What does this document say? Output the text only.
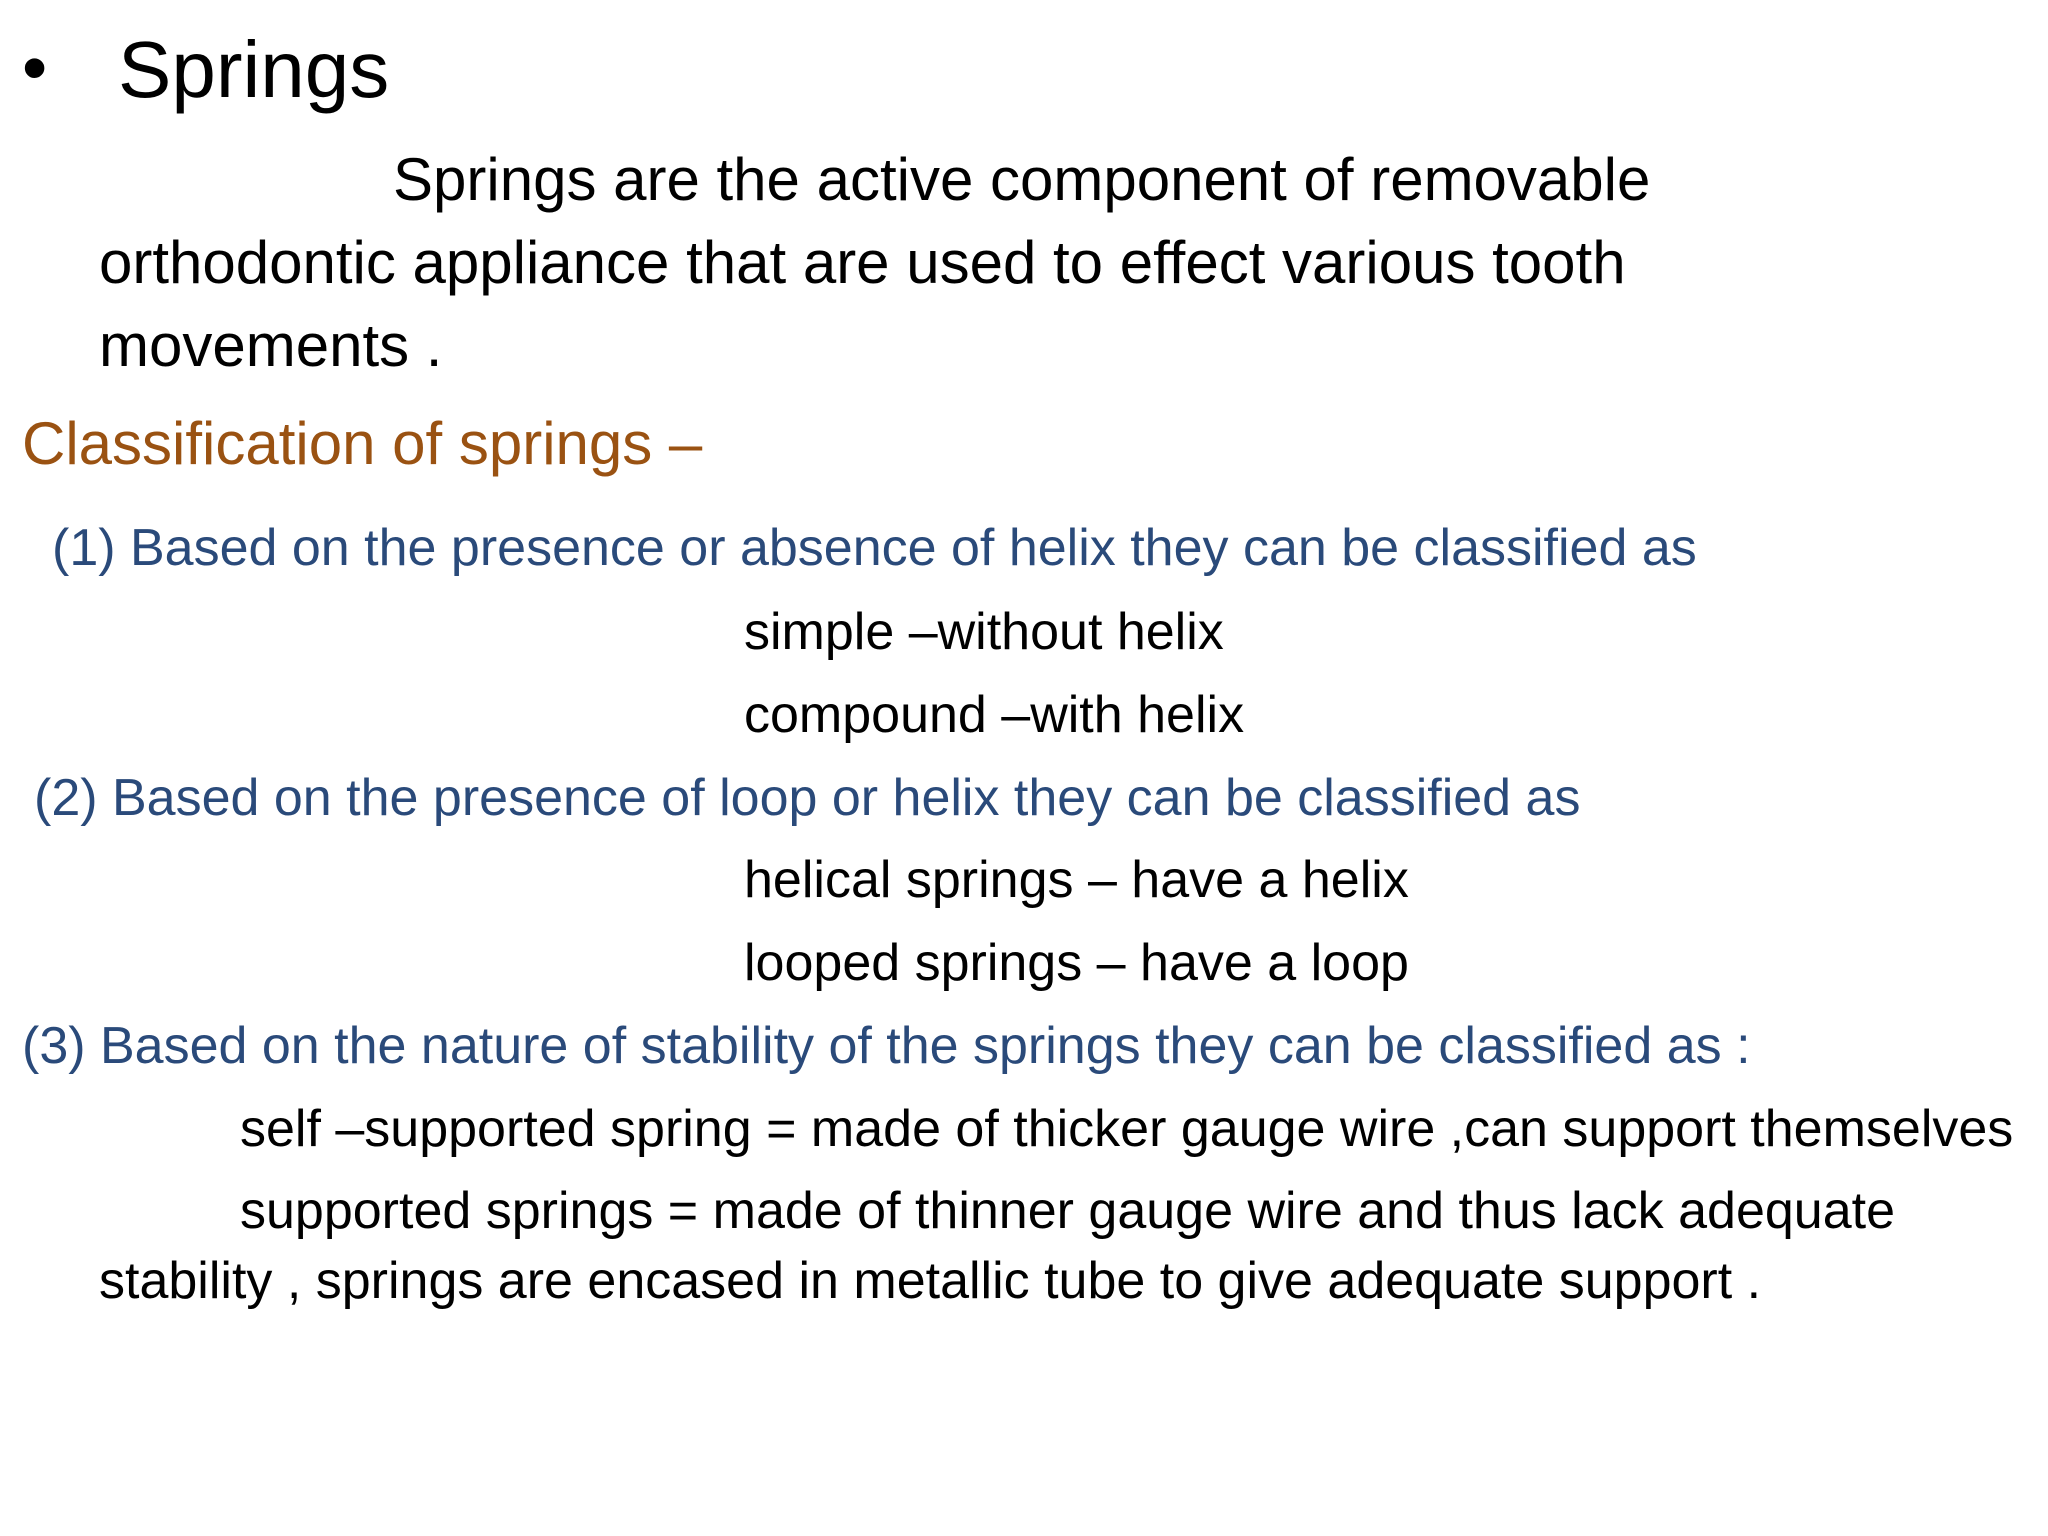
• Springs
Springs are the active component of removable
orthodontic appliance that are used to effect various tooth
movements .
Classification of springs –
(1) Based on the presence or absence of helix they can be classified as
simple –without helix
compound –with helix
(2) Based on the presence of loop or helix they can be classified as
helical springs – have a helix
looped springs – have a loop
(3) Based on the nature of stability of the springs they can be classified as :
self –supported spring = made of thicker gauge wire ,can support themselves
supported springs = made of thinner gauge wire and thus lack adequate
stability , springs are encased in metallic tube to give adequate support .
